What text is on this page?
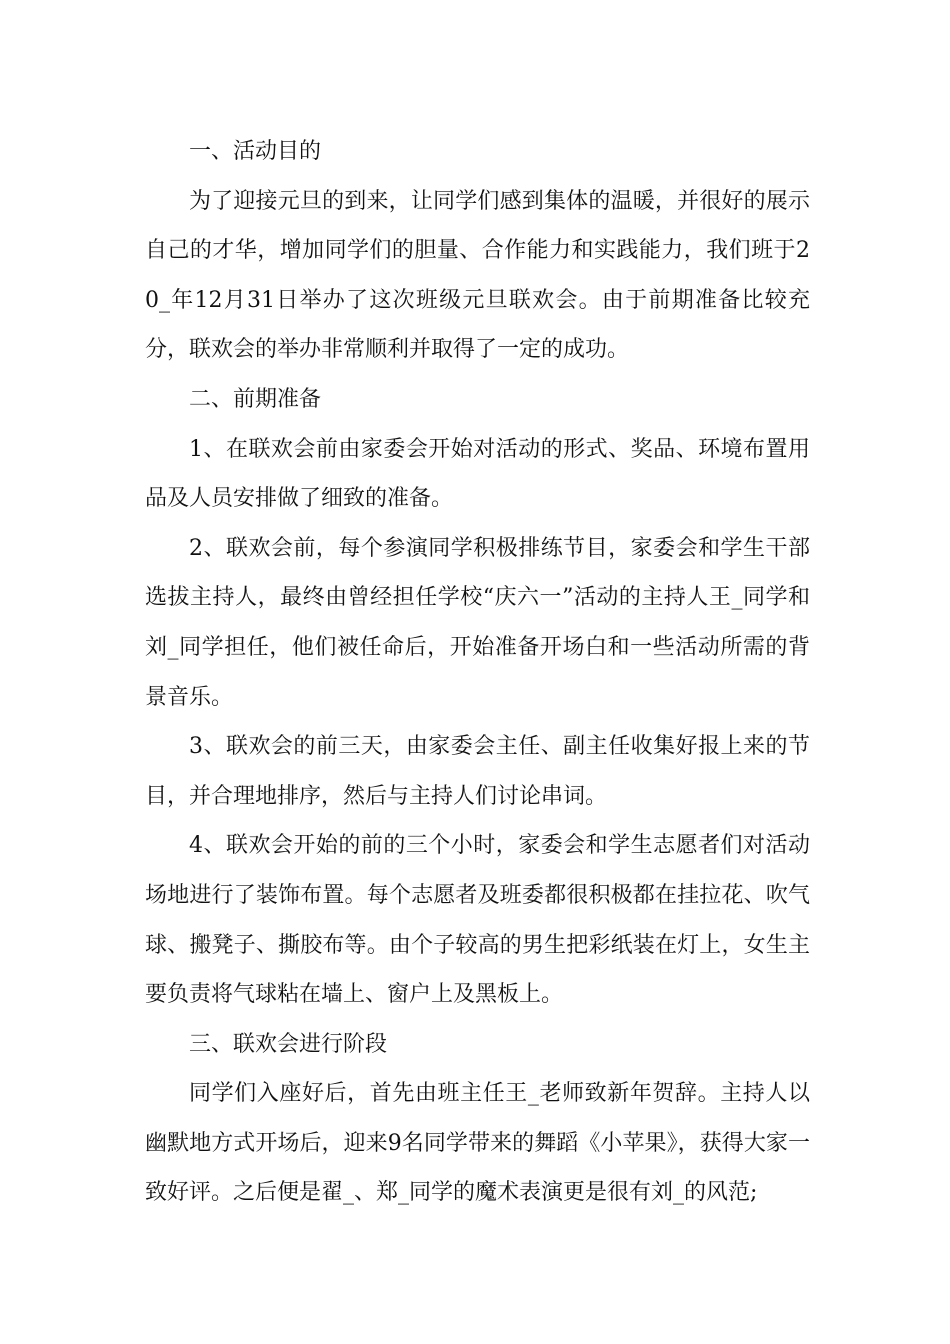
一、活动目的

为了迎接元旦的到来，让同学们感到集体的温暖，并很好的展示自己的才华，增加同学们的胆量、合作能力和实践能力，我们班于20_年12月31日举办了这次班级元旦联欢会。由于前期准备比较充分，联欢会的举办非常顺利并取得了一定的成功。

二、前期准备

1、在联欢会前由家委会开始对活动的形式、奖品、环境布置用品及人员安排做了细致的准备。

2、联欢会前，每个参演同学积极排练节目，家委会和学生干部选拔主持人，最终由曾经担任学校“庆六一”活动的主持人王_同学和刘_同学担任，他们被任命后，开始准备开场白和一些活动所需的背景音乐。

3、联欢会的前三天，由家委会主任、副主任收集好报上来的节目，并合理地排序，然后与主持人们讨论串词。

4、联欢会开始的前的三个小时，家委会和学生志愿者们对活动场地进行了装饰布置。每个志愿者及班委都很积极都在挂拉花、吹气球、搬凳子、撕胶布等。由个子较高的男生把彩纸装在灯上，女生主要负责将气球粘在墙上、窗户上及黑板上。

三、联欢会进行阶段

同学们入座好后，首先由班主任王_老师致新年贺辞。主持人以幽默地方式开场后，迎来9名同学带来的舞蹈《小苹果》，获得大家一致好评。之后便是翟_、郑_同学的魔术表演更是很有刘_的风范;
